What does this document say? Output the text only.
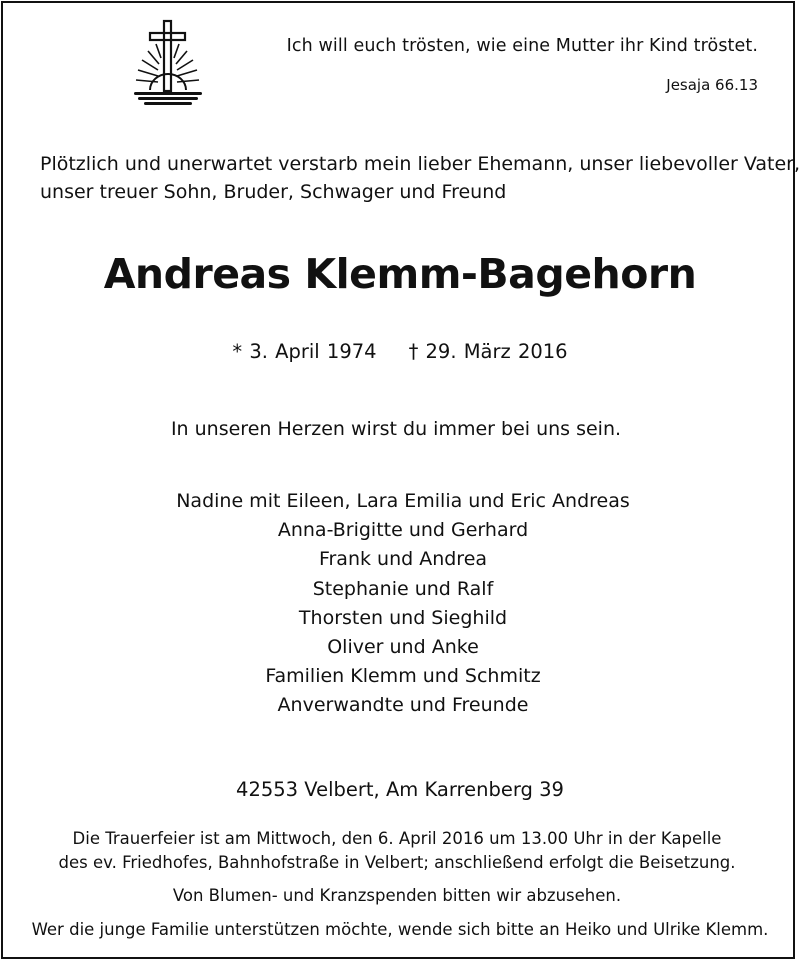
Ich will euch trösten, wie eine Mutter ihr Kind tröstet.
Jesaja 66.13
Plötzlich und unerwartet verstarb mein lieber Ehemann, unser liebevoller Vater,
unser treuer Sohn, Bruder, Schwager und Freund
Andreas Klemm-Bagehorn
* 3. April 1974 † 29. März 2016
In unseren Herzen wirst du immer bei uns sein.
Nadine mit Eileen, Lara Emilia und Eric Andreas
Anna-Brigitte und Gerhard
Frank und Andrea
Stephanie und Ralf
Thorsten und Sieghild
Oliver und Anke
Familien Klemm und Schmitz
Anverwandte und Freunde
42553 Velbert, Am Karrenberg 39
Die Trauerfeier ist am Mittwoch, den 6. April 2016 um 13.00 Uhr in der Kapelle
des ev. Friedhofes, Bahnhofstraße in Velbert; anschließend erfolgt die Beisetzung.
Von Blumen- und Kranzspenden bitten wir abzusehen.
Wer die junge Familie unterstützen möchte, wende sich bitte an Heiko und Ulrike Klemm.
